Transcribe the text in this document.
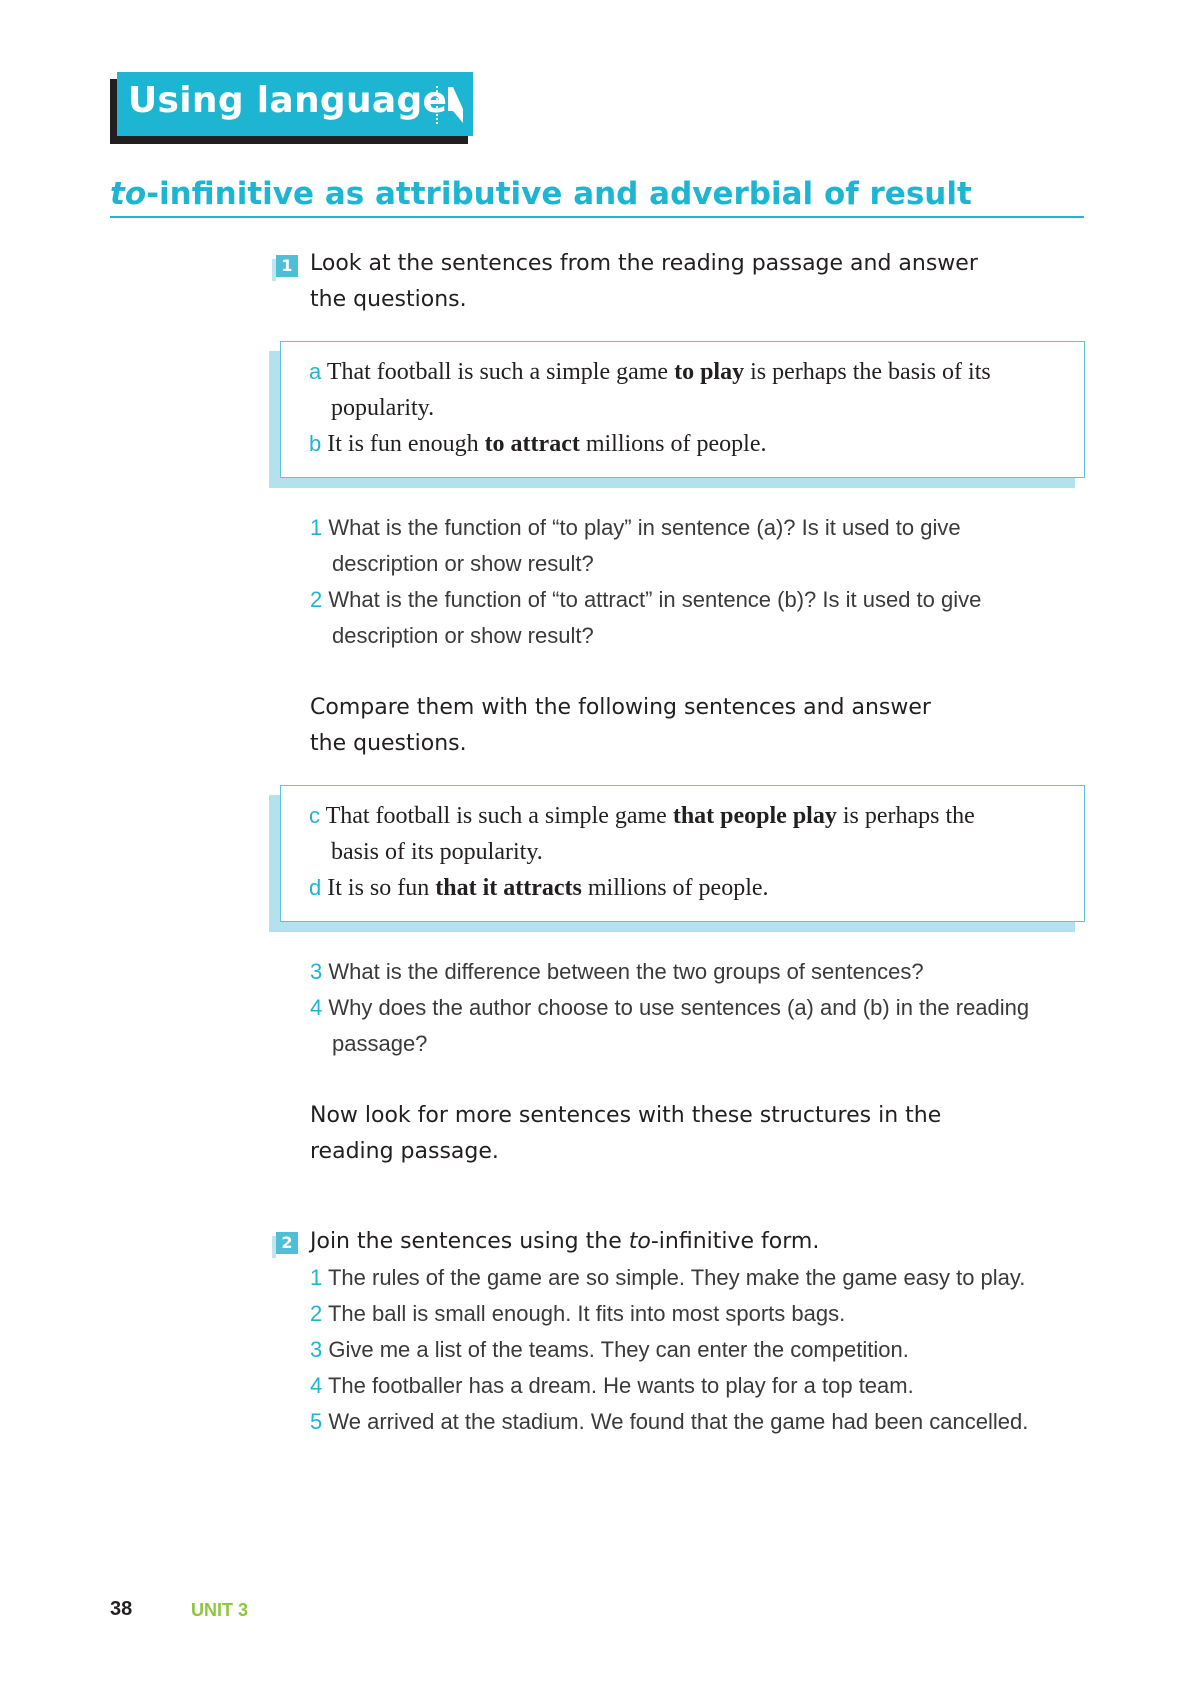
Using language
to-infinitive as attributive and adverbial of result
1 Look at the sentences from the reading passage and answer
the questions.
a That football is such a simple game to play is perhaps the basis of its
popularity.
b It is fun enough to attract millions of people.
1 What is the function of “to play” in sentence (a)? Is it used to give
description or show result?
2 What is the function of “to attract” in sentence (b)? Is it used to give
description or show result?
Compare them with the following sentences and answer
the questions.
c That football is such a simple game that people play is perhaps the
basis of its popularity.
d It is so fun that it attracts millions of people.
3 What is the difference between the two groups of sentences?
4 Why does the author choose to use sentences (a) and (b) in the reading
passage?
Now look for more sentences with these structures in the
reading passage.
2 Join the sentences using the to-infinitive form.
1 The rules of the game are so simple. They make the game easy to play.
2 The ball is small enough. It fits into most sports bags.
3 Give me a list of the teams. They can enter the competition.
4 The footballer has a dream. He wants to play for a top team.
5 We arrived at the stadium. We found that the game had been cancelled.
38	UNIT 3
